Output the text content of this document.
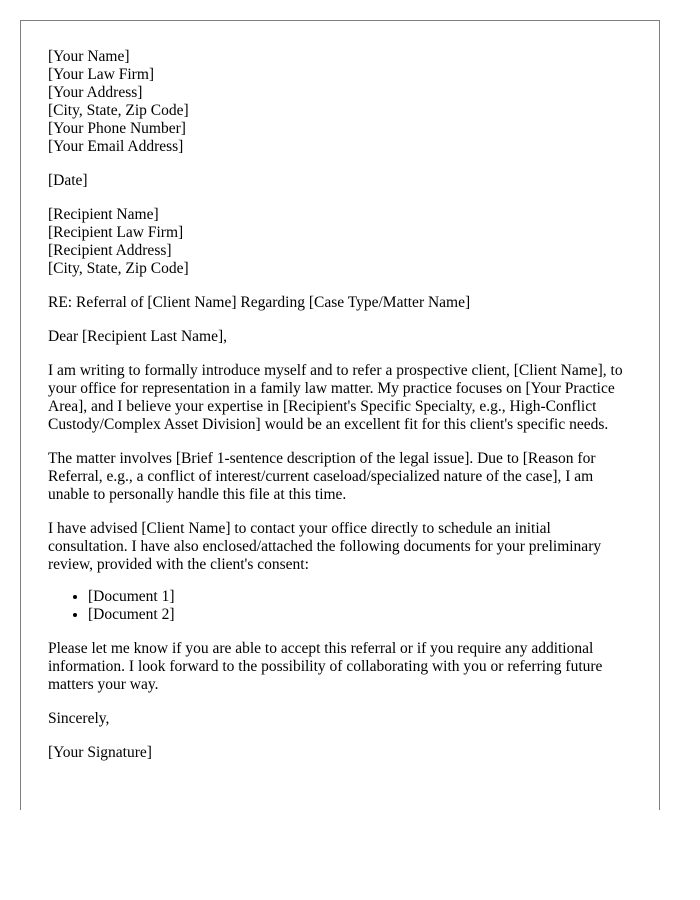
[Your Name]
[Your Law Firm]
[Your Address]
[City, State, Zip Code]
[Your Phone Number]
[Your Email Address]
[Date]
[Recipient Name]
[Recipient Law Firm]
[Recipient Address]
[City, State, Zip Code]

RE: Referral of [Client Name] Regarding [Case Type/Matter Name]

Dear [Recipient Last Name],

I am writing to formally introduce myself and to refer a prospective client, [Client Name], to your office for representation in a family law matter. My practice focuses on [Your Practice Area], and I believe your expertise in [Recipient's Specific Specialty, e.g., High-Conflict Custody/Complex Asset Division] would be an excellent fit for this client's specific needs.

The matter involves [Brief 1-sentence description of the legal issue]. Due to [Reason for Referral, e.g., a conflict of interest/current caseload/specialized nature of the case], I am unable to personally handle this file at this time.

I have advised [Client Name] to contact your office directly to schedule an initial consultation. I have also enclosed/attached the following documents for your preliminary review, provided with the client's consent:

• [Document 1]
• [Document 2]

Please let me know if you are able to accept this referral or if you require any additional information. I look forward to the possibility of collaborating with you or referring future matters your way.

Sincerely,

[Your Signature]
